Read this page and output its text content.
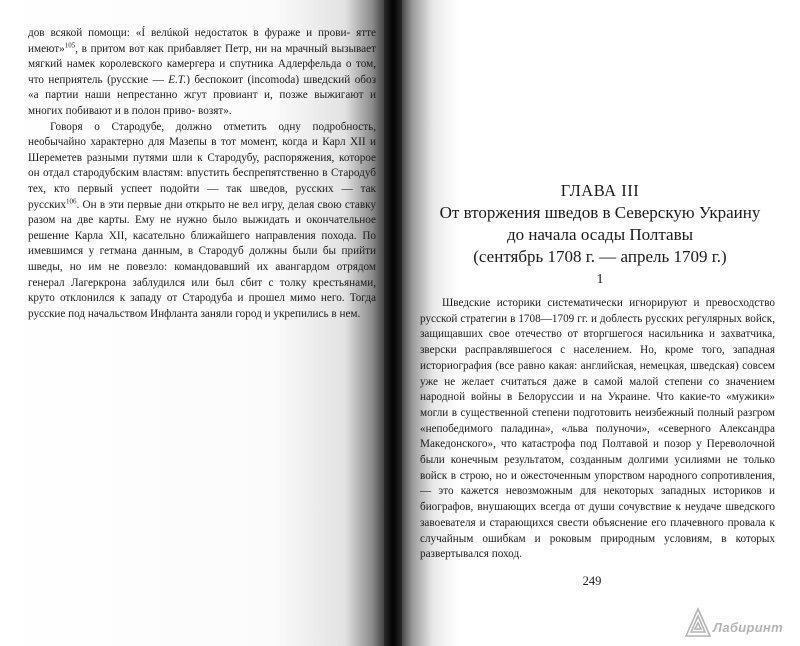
дов всякой помощи: «Í велúкой недостаток в фураже и прови- ятте имеют»$^{105}$, в притом вот как прибавляет Петр, ни на мрачный вызывает мягкий намек королевского камергера и спутника Адлерфельда о том, что неприятель (русские — Е.Т.) беспокоит (incomoda) шведский обоз «а партии наши непрестанно жгут провиант и, позже выжигают и многих побивают и в полон приво- возят».

Говоря о Стародубе, должно отметить одну подробность, необычайно характерно для Мазепы в тот момент, когда и Карл XII и Шереметев разными путями шли к Стародубу, распоряжения, которое он отдал стародубским властям: впустить беспрепятственно в Стародуб тех, кто первый успеет подойти — так шведов, русских — так русских$^{106}$. Он в эти первые дни открыто не вел игру, делая свою ставку разом на две карты. Ему не нужно было выжидать и окончательное решение Карла XII, касательно ближайшего направления похода. По имевшимся у гетмана данным, в Стародуб должны были бы прийти шведы, но им не повезло: командовавший их авангардом отрядом генерал Лагеркрона заблудился или был сбит с толку крестьянами, круто отклонился к западу от Стародуба и прошел мимо него. Тогда русские под начальством Инфланта заняли город и укрепились в нем.

ГЛАВА III
От вторжения шведов в Северскую Украину
до начала осады Полтавы
(сентябрь 1708 г. — апрель 1709 г.)
1

Шведские историки систематически игнорируют и превосходство русской стратегии в 1708—1709 гг. и доблесть русских регулярных войск, защищавших свое отечество от вторгшегося насильника и захватчика, зверски расправлявшегося с населением. Но, кроме того, западная историография (все равно какая: английская, немецкая, шведская) совсем уже не желает считаться даже в самой малой степени со значением народной войны в Белоруссии и на Украине. Что какие-то «мужики» могли в существенной степени подготовить неизбежный полный разгром «непобедимого паладина», «льва полуночи», «северного Александра Македонского», что катастрофа под Полтавой и позор у Переволочной были конечным результатом, созданным долгими усилиями не только войск в строю, но и ожесточенным упорством народного сопротивления, — это кажется невозможным для некоторых западных историков и биографов, внушающих всегда от души сочувствие к неудаче шведского завоевателя и старающихся свести объяснение его плачевного провала к случайным ошибкам и роковым природным условиям, в которых развертывался поход.

249
Лабиринт
